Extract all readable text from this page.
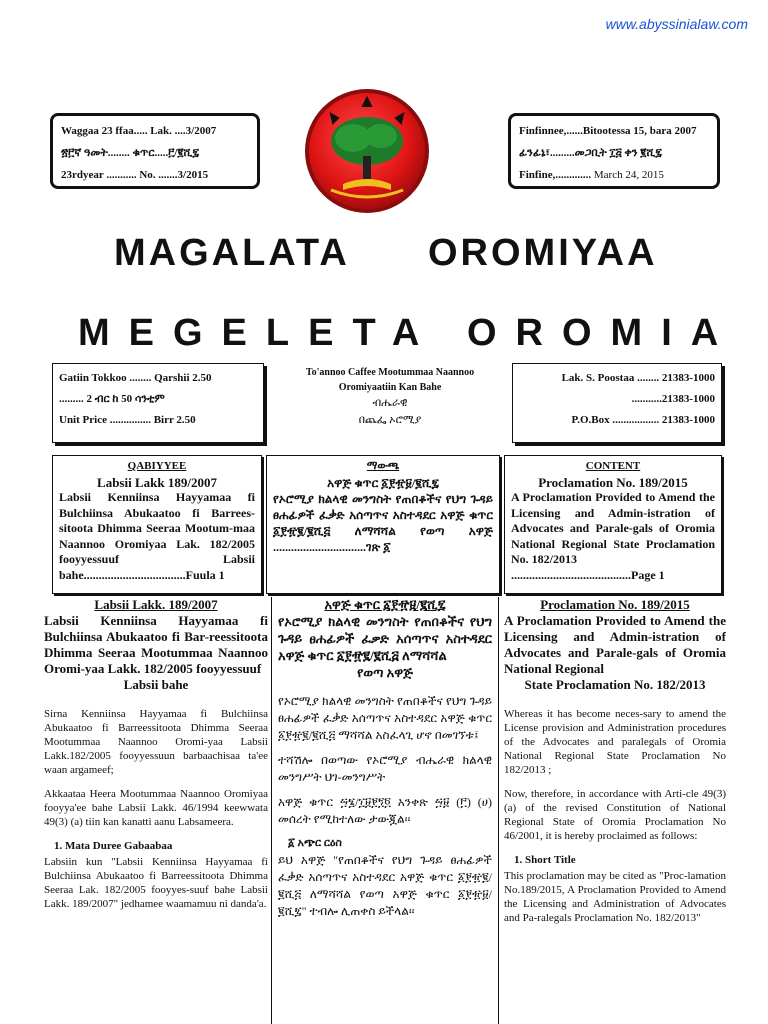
www.abyssinialaw.com
Waggaa 23 ffaa..... Lak. ....3/2007
፳፫ኛ ዓመት........ ቁጥር.....፫/፪ሺ፯
23rdyear ........... No. .......3/2015
Finfinnee,......Bitootessa 15, bara 2007
ፊንፊኔ፣.........መጋቢት ፲፭ ቀን ፪ሺ፯
Finfine,............. March 24, 2015
MAGALATA OROMIYAA
MEGELETA OROMIA
Gatiin Tokkoo ........ Qarshii 2.50
......... 2 ብር ከ 50 ሳንቲም
Unit Price ............... Birr 2.50
To'annoo Caffee Mootummaa Naannoo
Oromiyaatiin Kan Bahe
ብሔራዊ
በጨፌ ኦሮሚያ
Lak. S. Poostaa ........ 21383-1000
...........21383-1000
P.O.Box ................. 21383-1000
QABIYYEE
Labsii Lakk 189/2007
Labsii Kenniinsa Hayyamaa fi Bulchiinsa Abukaatoo fi Barrees-sitoota Dhimma Seeraa Mootum-maa Naannoo Oromiyaa Lak. 182/2005 fooyyessuuf Labsii bahe..................................Fuula 1
ማውጫ
አዋጅ ቁጥር ፩፻፹፱/፪ሺ፯
የኦሮሚያ ክልላዊ መንግስት የጠበቆችና የህግ ጉዳይ ፀሐፊዎች ፈቃድ አሰጣጥና አስተዳደር አዋጅ ቁጥር ፩፻፹፪/፪ሺ፭ ለማሻሻል የወጣ አዋጅ ...............................ገጽ ፩
CONTENT
Proclamation No. 189/2015
A Proclamation Provided to Amend the Licensing and Admin-istration of Advocates and Parale-gals of Oromia National Regional State Proclamation No. 182/2013
........................................Page 1
Labsii Lakk. 189/2007
Labsii Kenniinsa Hayyamaa fi Bulchiinsa Abukaatoo fi Bar-reessitoota Dhimma Seeraa Mootummaa Naannoo Oromi-yaa Lakk. 182/2005 fooyyessuuf
Labsii bahe

Sirna Kenniinsa Hayyamaa fi Bulchiinsa Abukaatoo fi Barreessitoota Dhimma Seeraa Mootummaa Naannoo Oromi-yaa Labsii Lakk.182/2005 fooyyessuun barbaachisaa ta'ee waan argameef;

Akkaataa Heera Mootummaa Naannoo Oromiyaa fooyya'ee bahe Labsii Lakk. 46/1994 keewwata 49(3) (a) tiin kan kanatti aanu Labsameera.

1. Mata Duree Gabaabaa

Labsiin kun "Labsii Kenniinsa Hayyamaa fi Bulchiinsa Abukaatoo fi Barreessitoota Dhimma Seeraa Lak. 182/2005 fooyyes-suuf bahe Labsii Lakk. 189/2007" jedhamee waamamuu ni danda'a.

አዋጅ ቁጥር ፩፻፹፱/፪ሺ፯
የኦሮሚያ ክልላዊ መንግስት የጠበቆችና የህግ ጉዳይ ፀሐፊዎች ፈቃድ አሰጣጥና አስተዳደር አዋጅ ቁጥር ፩፻፹፪/፪ሺ፭ ለማሻሻል
የወጣ አዋጅ

የኦሮሚያ ክልላዊ መንግስት የጠበቆችና የህግ ጉዳይ ፀሐፊዎች ፈቃድ አሰጣጥና አስተዳደር አዋጅ ቁጥር ፩፻፹፪/፪ሺ፭ ማሻሻል አስፈላጊ ሆኖ በመገኘቱ፤

ተሻሽሎ በወጣው የኦሮሚያ ብሔራዊ ክልላዊ መንግሥት ህገ-መንግሥት

አዋጅ ቁጥር ፵፮/፲፱፻፺፬ አንቀጽ ፵፱ (፫) (ሀ) መሰረት የሚከተለው ታውጇል፡፡

፩ አጭር ርዕስ

ይህ አዋጅ "የጠበቆችና የህግ ጉዳይ ፀሐፊዎች ፈቃድ አሰጣጥና አስተዳደር አዋጅ ቁጥር ፩፻፹፪/፪ሺ፭ ለማሻሻል የወጣ አዋጅ ቁጥር ፩፻፹፱/፪ሺ፯" ተብሎ ሊጠቀስ ይችላል፡፡

Proclamation No. 189/2015
A Proclamation Provided to Amend the Licensing and Admin-istration of Advocates and Parale-gals of Oromia National Regional
State Proclamation No. 182/2013

Whereas it has become neces-sary to amend the License provision and Administration procedures of the Advocates and paralegals of Oromia National Regional State Proclamation No 182/2013 ;

Now, therefore, in accordance with Arti-cle 49(3)(a) of the revised Constitution of National Regional State of Oromia Proclamation No 46/2001, it is hereby proclaimed as follows:

1. Short Title

This proclamation may be cited as "Proc-lamation No.189/2015, A Proclamation Provided to Amend the Licensing and Administration of Advocates and Pa-ralegals Proclamation No. 182/2013"
